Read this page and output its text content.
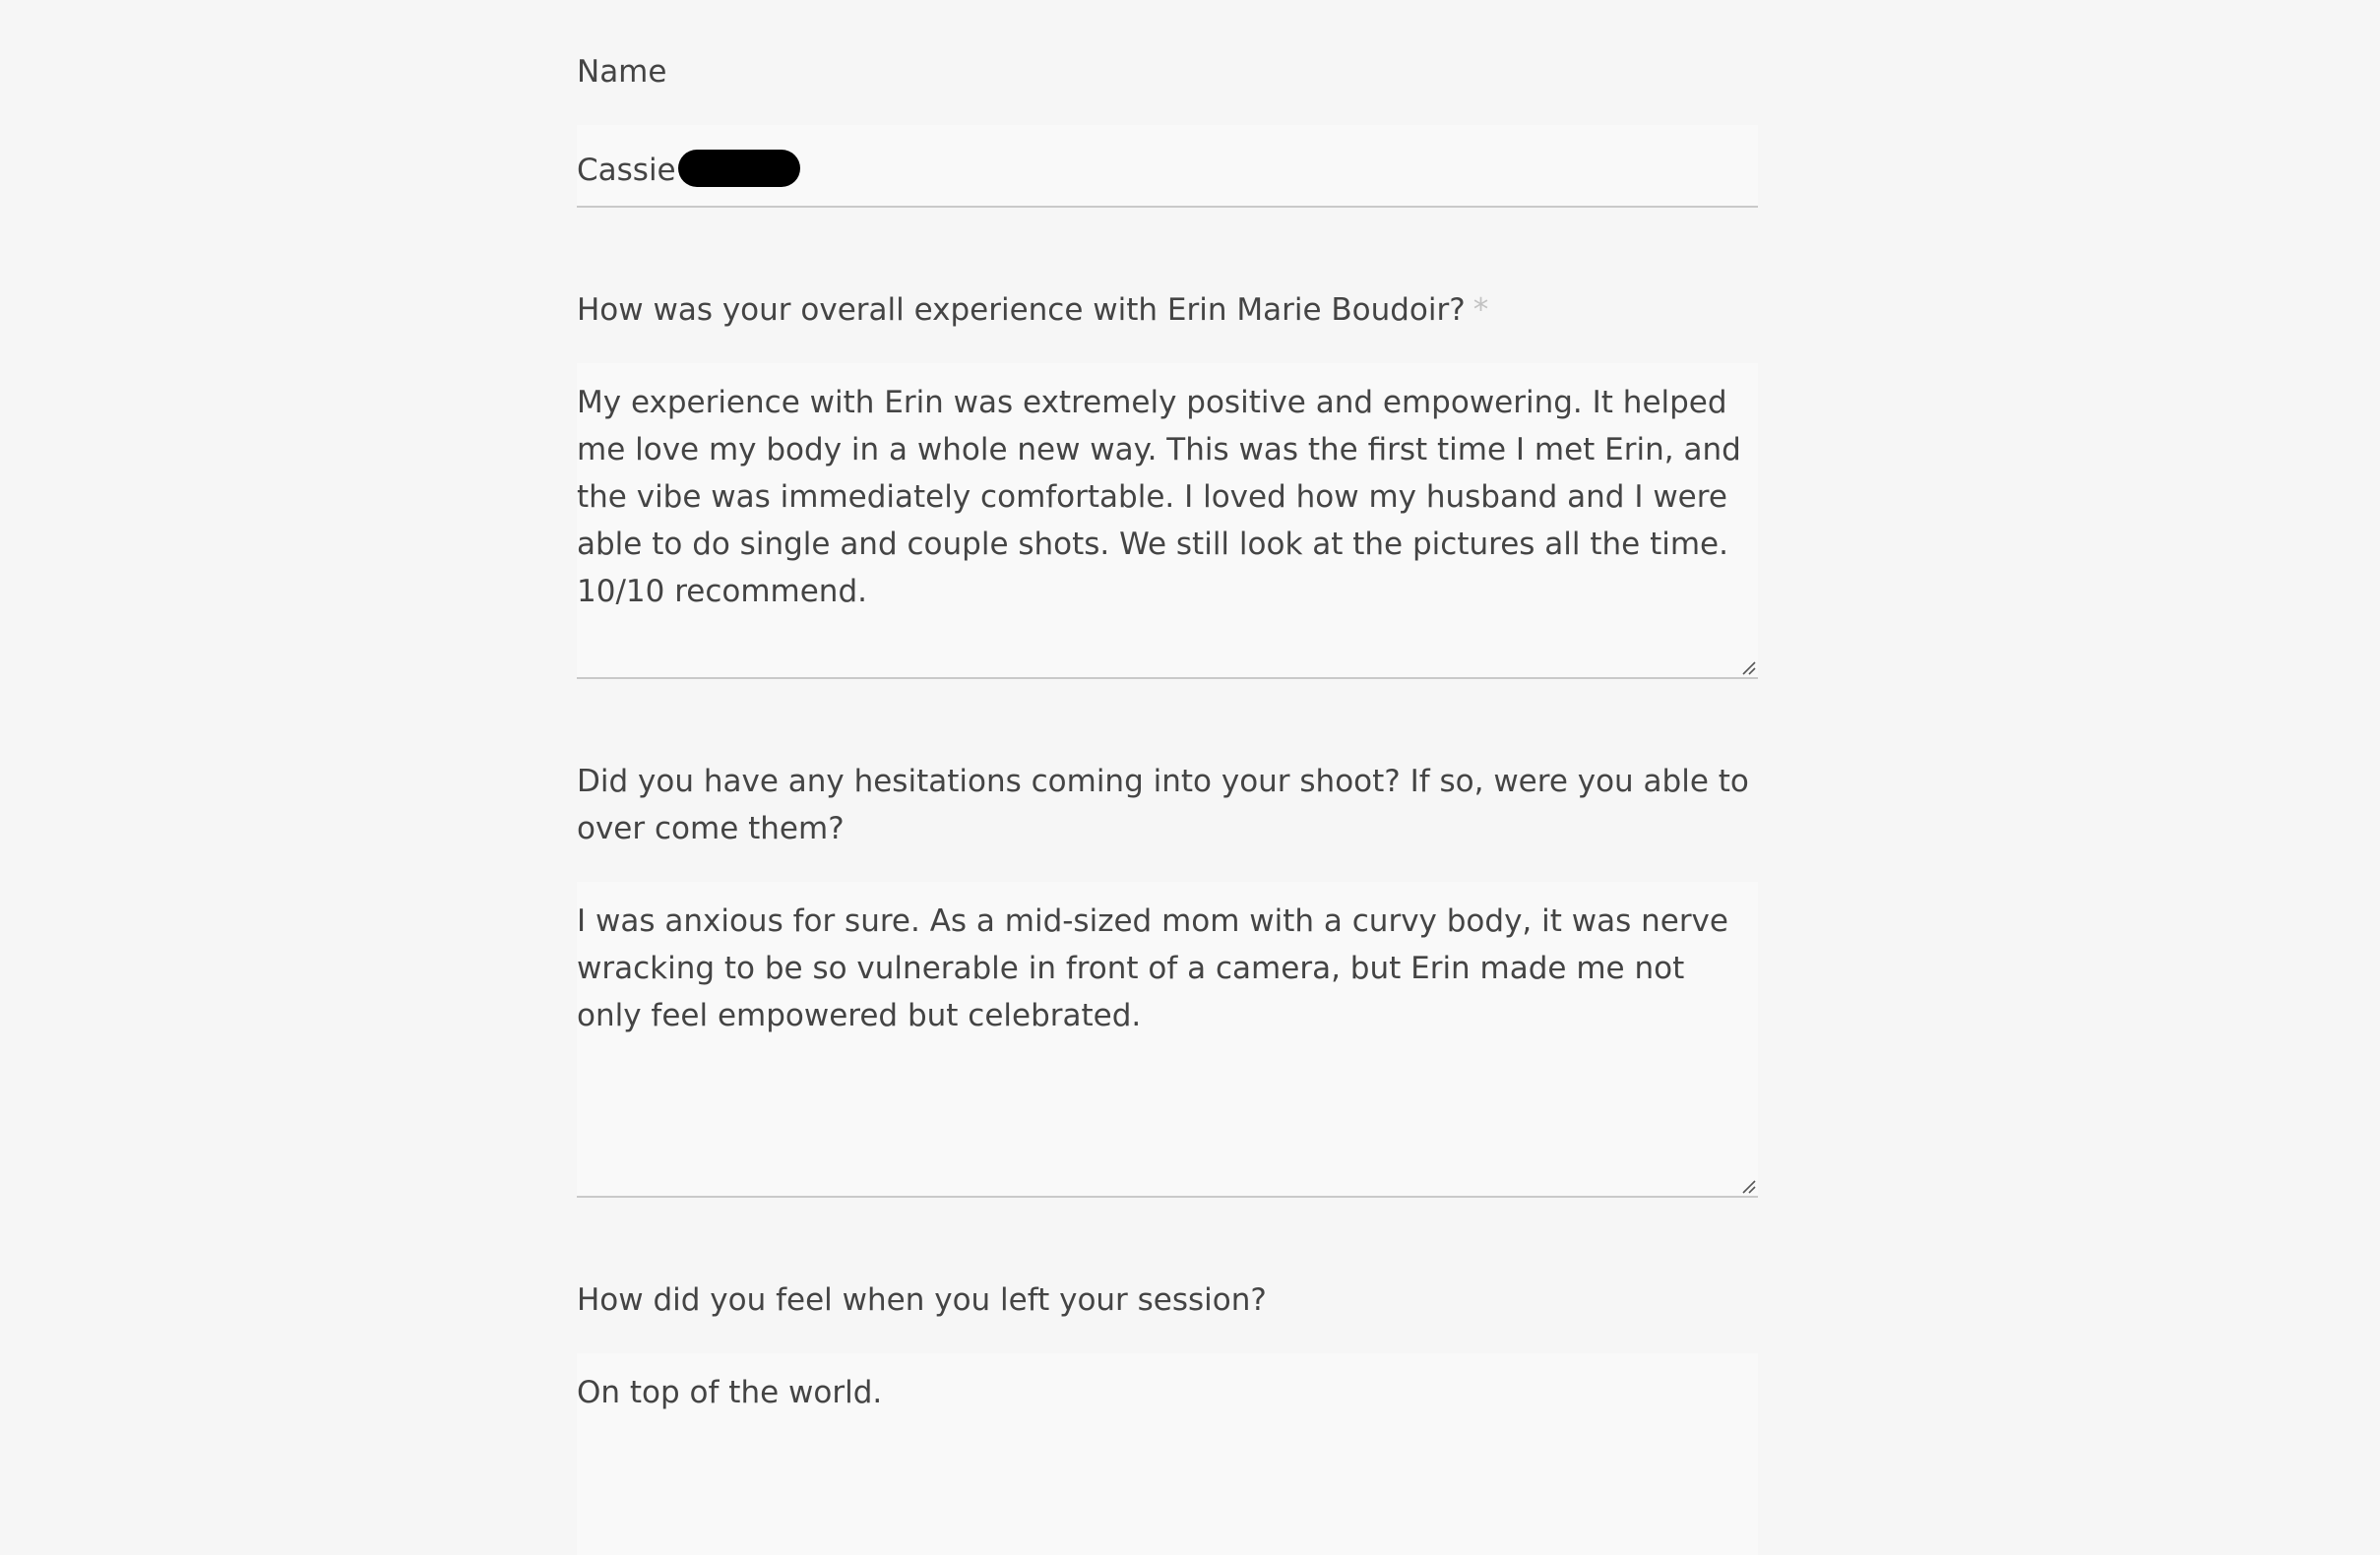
Name
Cassie
How was your overall experience with Erin Marie Boudoir? *
My experience with Erin was extremely positive and empowering. It helped me love my body in a whole new way. This was the first time I met Erin, and the vibe was immediately comfortable. I loved how my husband and I were able to do single and couple shots. We still look at the pictures all the time. 10/10 recommend.
Did you have any hesitations coming into your shoot? If so, were you able to over come them?
I was anxious for sure. As a mid-sized mom with a curvy body, it was nerve wracking to be so vulnerable in front of a camera, but Erin made me not only feel empowered but celebrated.
How did you feel when you left your session?
On top of the world.
